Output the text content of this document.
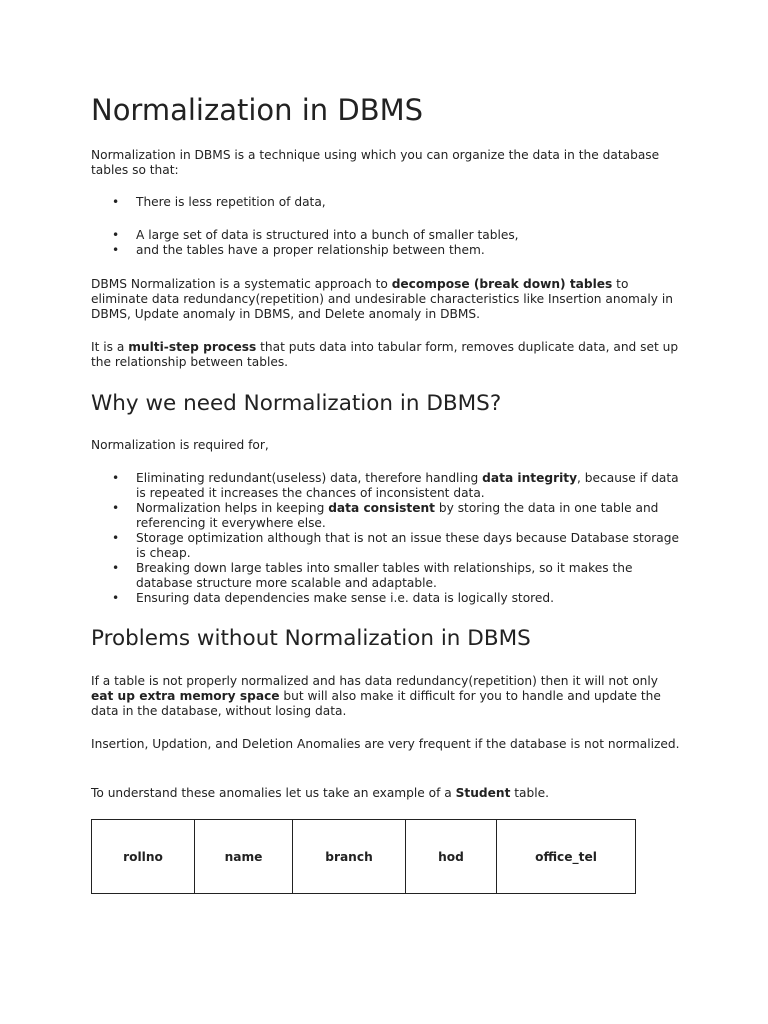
Normalization in DBMS

Normalization in DBMS is a technique using which you can organize the data in the database tables so that:

• There is less repetition of data,
• A large set of data is structured into a bunch of smaller tables,
• and the tables have a proper relationship between them.

DBMS Normalization is a systematic approach to decompose (break down) tables to eliminate data redundancy(repetition) and undesirable characteristics like Insertion anomaly in DBMS, Update anomaly in DBMS, and Delete anomaly in DBMS.

It is a multi-step process that puts data into tabular form, removes duplicate data, and set up the relationship between tables.

Why we need Normalization in DBMS?

Normalization is required for,

• Eliminating redundant(useless) data, therefore handling data integrity, because if data is repeated it increases the chances of inconsistent data.
• Normalization helps in keeping data consistent by storing the data in one table and referencing it everywhere else.
• Storage optimization although that is not an issue these days because Database storage is cheap.
• Breaking down large tables into smaller tables with relationships, so it makes the database structure more scalable and adaptable.
• Ensuring data dependencies make sense i.e. data is logically stored.
Problems without Normalization in DBMS

If a table is not properly normalized and has data redundancy(repetition) then it will not only eat up extra memory space but will also make it difficult for you to handle and update the data in the database, without losing data.

Insertion, Updation, and Deletion Anomalies are very frequent if the database is not normalized.

To understand these anomalies let us take an example of a Student table.

rollno	name	branch	hod	office_tel
